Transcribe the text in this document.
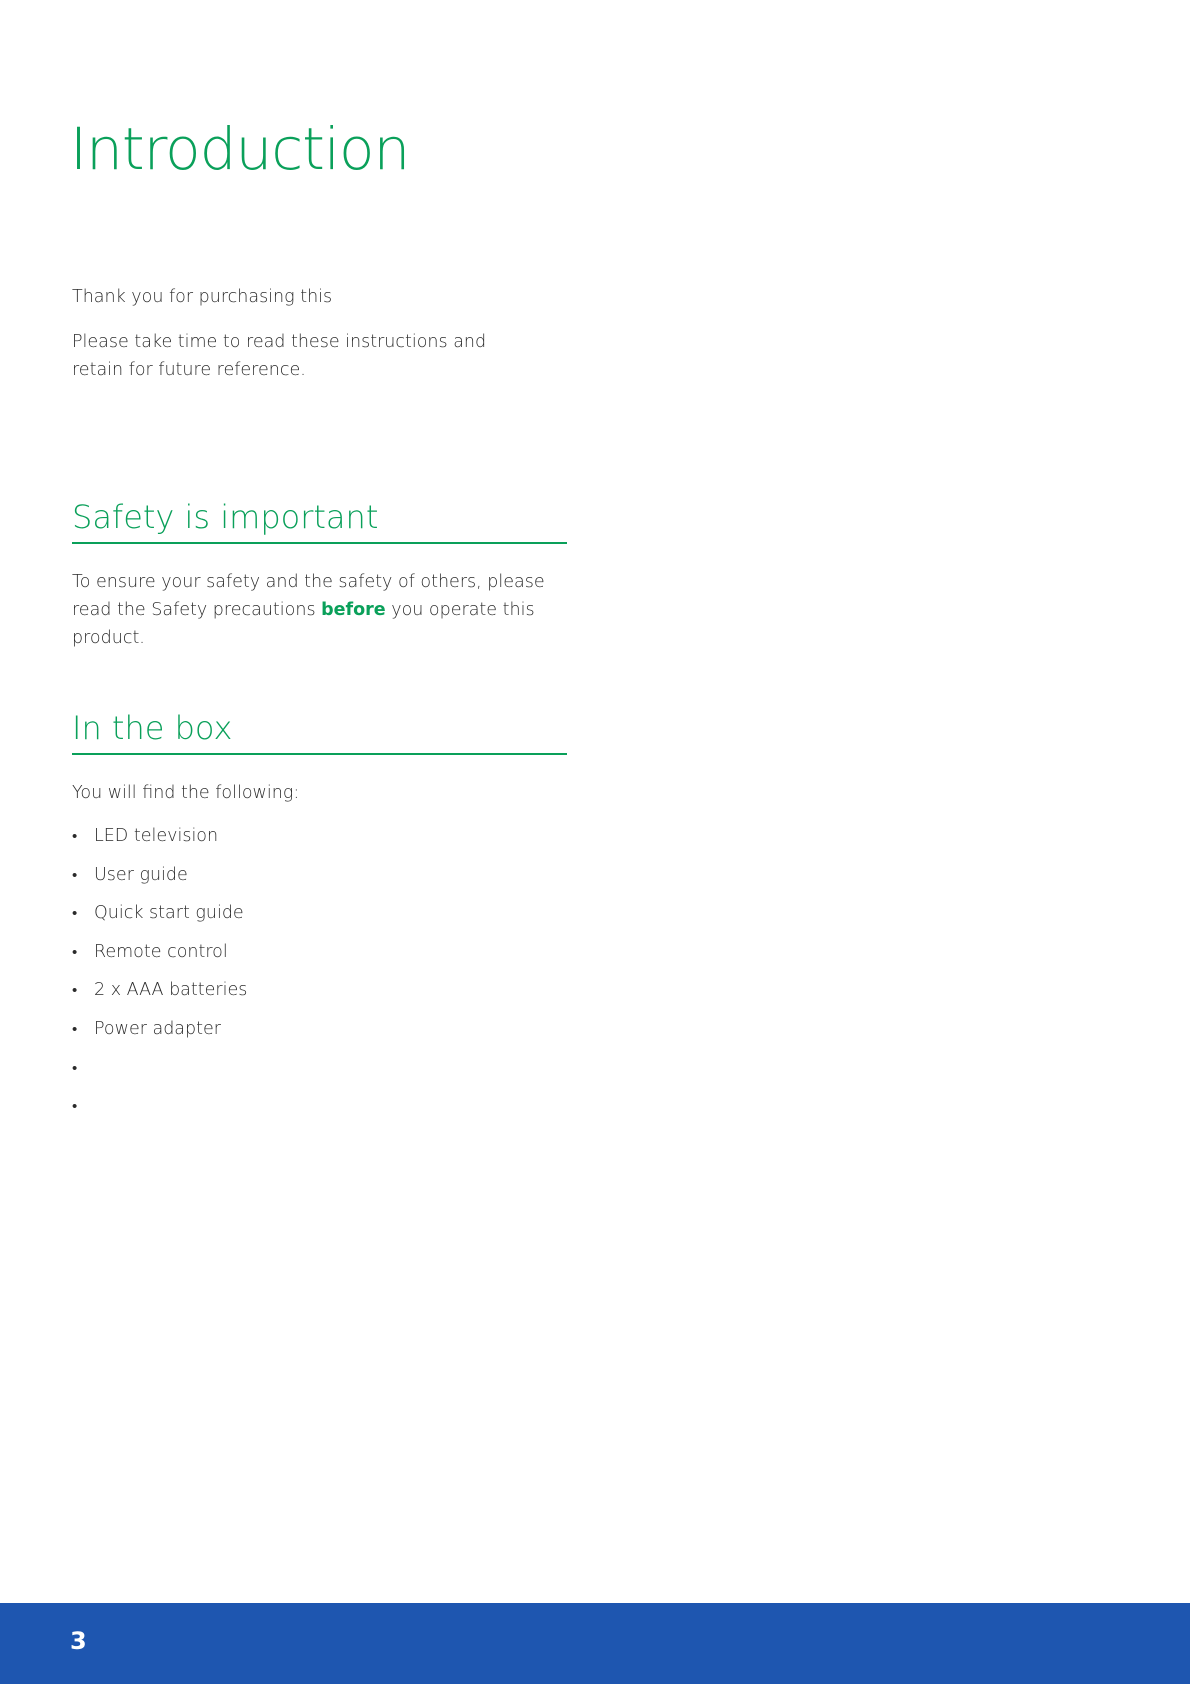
Introduction

Thank you for purchasing this

Please take time to read these instructions and retain for future reference.

Safety is important

To ensure your safety and the safety of others, please read the Safety precautions before you operate this product.

In the box

You will find the following:

• LED television
• User guide
• Quick start guide
• Remote control
• 2 x AAA batteries
• Power adapter
•
•
3
